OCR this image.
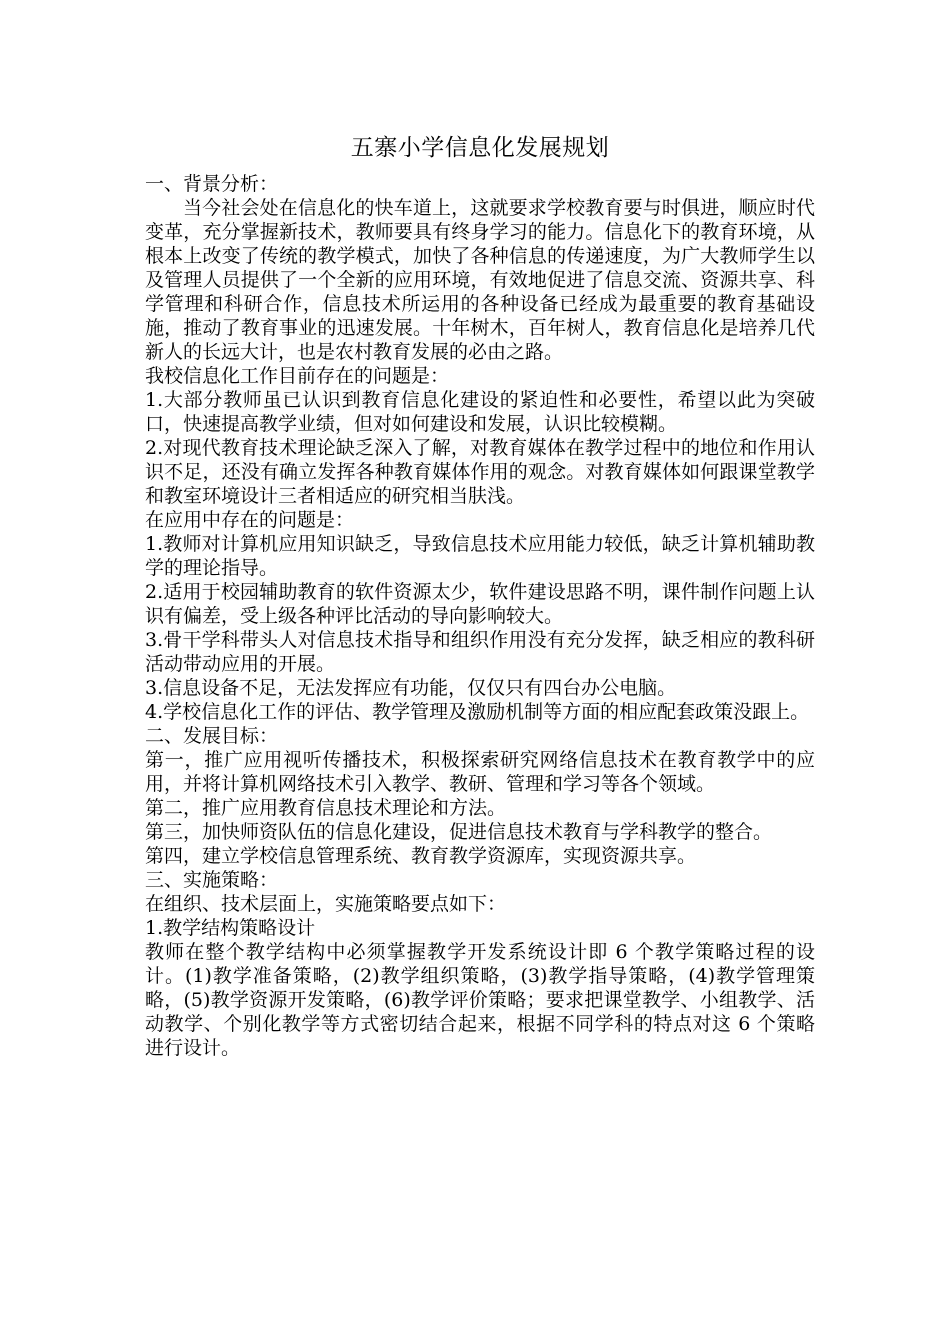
五寨小学信息化发展规划

一、背景分析：

当今社会处在信息化的快车道上，这就要求学校教育要与时俱进，顺应时代变革，充分掌握新技术，教师要具有终身学习的能力。信息化下的教育环境，从根本上改变了传统的教学模式，加快了各种信息的传递速度，为广大教师学生以及管理人员提供了一个全新的应用环境，有效地促进了信息交流、资源共享、科学管理和科研合作，信息技术所运用的各种设备已经成为最重要的教育基础设施，推动了教育事业的迅速发展。十年树木，百年树人，教育信息化是培养几代新人的长远大计，也是农村教育发展的必由之路。

我校信息化工作目前存在的问题是：

1.大部分教师虽已认识到教育信息化建设的紧迫性和必要性，希望以此为突破口，快速提高教学业绩，但对如何建设和发展，认识比较模糊。

2.对现代教育技术理论缺乏深入了解，对教育媒体在教学过程中的地位和作用认识不足，还没有确立发挥各种教育媒体作用的观念。对教育媒体如何跟课堂教学和教室环境设计三者相适应的研究相当肤浅。

在应用中存在的问题是：

1.教师对计算机应用知识缺乏，导致信息技术应用能力较低，缺乏计算机辅助教学的理论指导。

2.适用于校园辅助教育的软件资源太少，软件建设思路不明，课件制作问题上认识有偏差，受上级各种评比活动的导向影响较大。

3.骨干学科带头人对信息技术指导和组织作用没有充分发挥，缺乏相应的教科研活动带动应用的开展。

3.信息设备不足，无法发挥应有功能，仅仅只有四台办公电脑。

4.学校信息化工作的评估、教学管理及激励机制等方面的相应配套政策没跟上。

二、发展目标：

第一，推广应用视听传播技术，积极探索研究网络信息技术在教育教学中的应用，并将计算机网络技术引入教学、教研、管理和学习等各个领域。

第二，推广应用教育信息技术理论和方法。

第三，加快师资队伍的信息化建设，促进信息技术教育与学科教学的整合。

第四，建立学校信息管理系统、教育教学资源库，实现资源共享。

三、实施策略：

在组织、技术层面上，实施策略要点如下：

1.教学结构策略设计

教师在整个教学结构中必须掌握教学开发系统设计即 6 个教学策略过程的设计。(1)教学准备策略，(2)教学组织策略，(3)教学指导策略，(4)教学管理策略，(5)教学资源开发策略，(6)教学评价策略；要求把课堂教学、小组教学、活动教学、个别化教学等方式密切结合起来，根据不同学科的特点对这 6 个策略进行设计。
